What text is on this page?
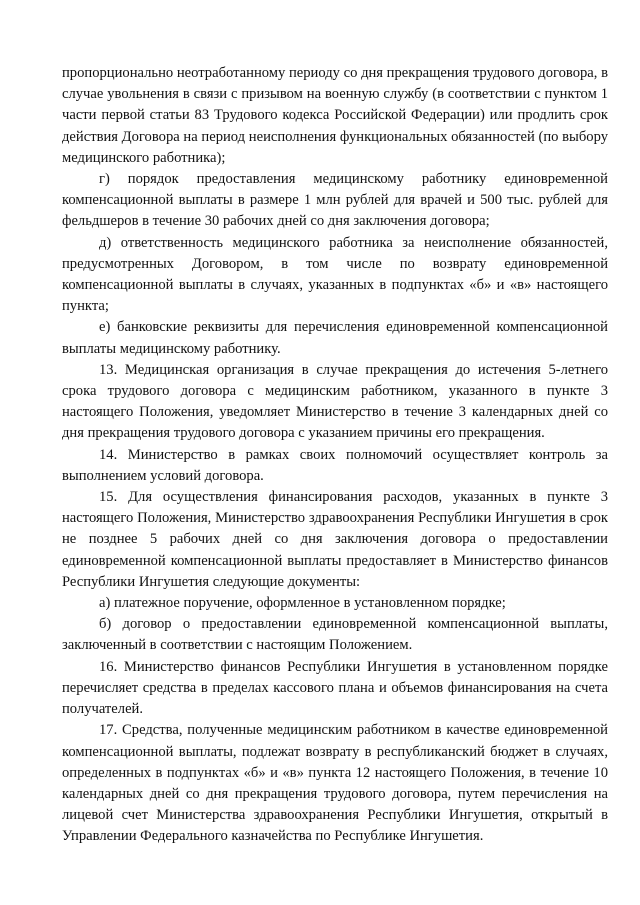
пропорционально неотработанному периоду со дня прекращения трудового договора, в случае увольнения в связи с призывом на военную службу (в соответствии с пунктом 1 части первой статьи 83 Трудового кодекса Российской Федерации) или продлить срок действия Договора на период неисполнения функциональных обязанностей (по выбору медицинского работника);

г) порядок предоставления медицинскому работнику единовременной компенсационной выплаты в размере 1 млн рублей для врачей и 500 тыс. рублей для фельдшеров в течение 30 рабочих дней со дня заключения договора;

д) ответственность медицинского работника за неисполнение обязанностей, предусмотренных Договором, в том числе по возврату единовременной компенсационной выплаты в случаях, указанных в подпунктах «б» и «в» настоящего пункта;

е) банковские реквизиты для перечисления единовременной компенсационной выплаты медицинскому работнику.

13. Медицинская организация в случае прекращения до истечения 5-летнего срока трудового договора с медицинским работником, указанного в пункте 3 настоящего Положения, уведомляет Министерство в течение 3 календарных дней со дня прекращения трудового договора с указанием причины его прекращения.

14. Министерство в рамках своих полномочий осуществляет контроль за выполнением условий договора.

15. Для осуществления финансирования расходов, указанных в пункте 3 настоящего Положения, Министерство здравоохранения Республики Ингушетия в срок не позднее 5 рабочих дней со дня заключения договора о предоставлении единовременной компенсационной выплаты предоставляет в Министерство финансов Республики Ингушетия следующие документы:

а) платежное поручение, оформленное в установленном порядке;

б) договор о предоставлении единовременной компенсационной выплаты, заключенный в соответствии с настоящим Положением.

16. Министерство финансов Республики Ингушетия в установленном порядке перечисляет средства в пределах кассового плана и объемов финансирования на счета получателей.

17. Средства, полученные медицинским работником в качестве единовременной компенсационной выплаты, подлежат возврату в республиканский бюджет в случаях, определенных в подпунктах «б» и «в» пункта 12 настоящего Положения, в течение 10 календарных дней со дня прекращения трудового договора, путем перечисления на лицевой счет Министерства здравоохранения Республики Ингушетия, открытый в Управлении Федерального казначейства по Республике Ингушетия.
